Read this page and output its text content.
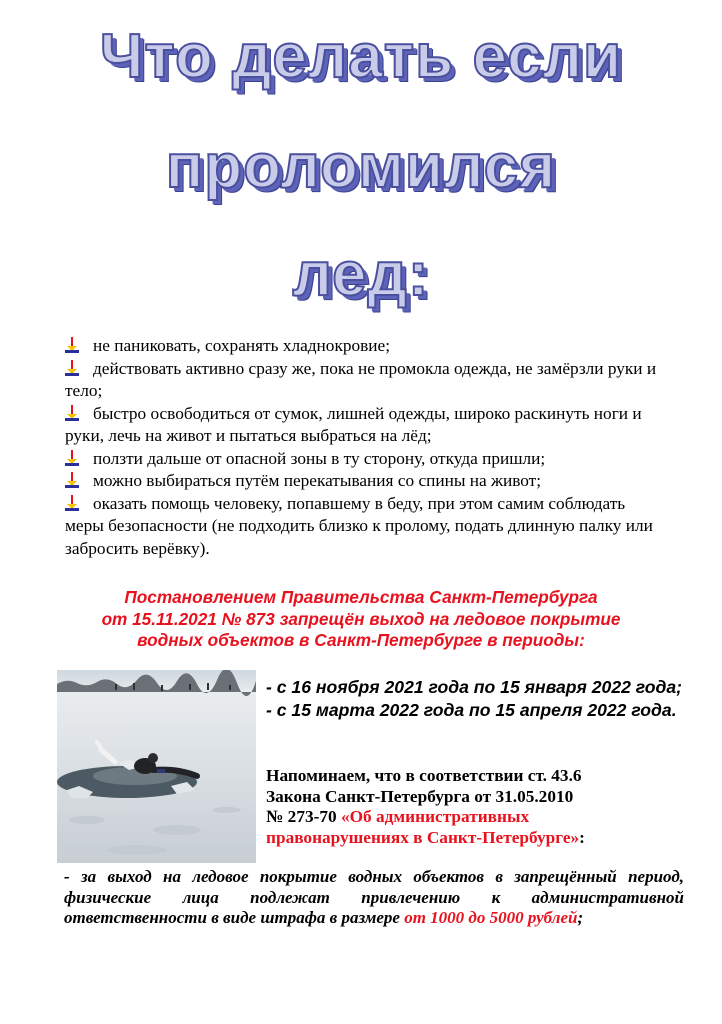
Что делать если
проломился
лед:

не паниковать, сохранять хладнокровие;

действовать активно сразу же, пока не промокла одежда, не замёрзли руки и тело;

быстро освободиться от сумок, лишней одежды, широко раскинуть ноги и руки, лечь на живот и пытаться выбраться на лёд;

ползти дальше от опасной зоны в ту сторону, откуда пришли;

можно выбираться путём перекатывания со спины на живот;

оказать помощь человеку, попавшему в беду, при этом самим соблюдать меры безопасности (не подходить близко к пролому, подать длинную палку или забросить верёвку).

Постановлением Правительства Санкт-Петербурга
от 15.11.2021 № 873 запрещён выход на ледовое покрытие
водных объектов в Санкт-Петербурге в периоды:

- с 16 ноября 2021 года по 15 января 2022 года;

- с 15 марта 2022 года по 15 апреля 2022 года.

Напоминаем, что в соответствии ст. 43.6

Закона Санкт-Петербурга от 31.05.2010

№ 273-70 «Об административных

правонарушениях в Санкт-Петербурге»:

- за выход на ледовое покрытие водных объектов в запрещённый период, физические лица подлежат привлечению к административной ответственности в виде штрафа в размере от 1000 до 5000 рублей;
